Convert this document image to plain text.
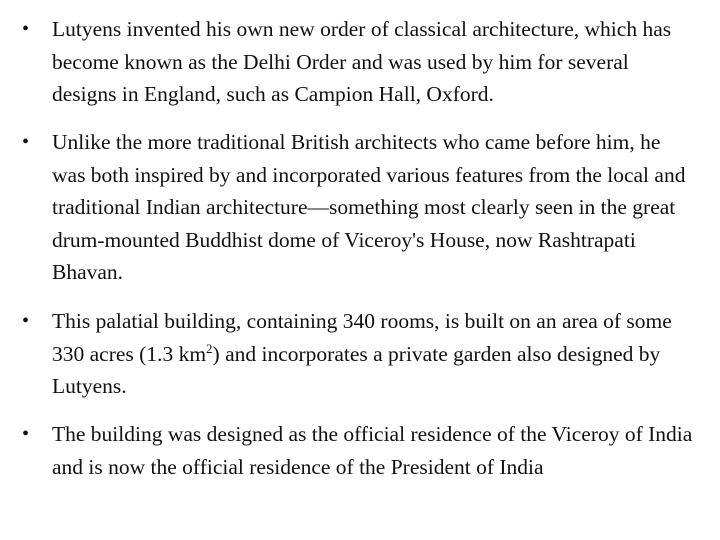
• Lutyens invented his own new order of classical architecture, which has become known as the Delhi Order and was used by him for several designs in England, such as Campion Hall, Oxford.
• Unlike the more traditional British architects who came before him, he was both inspired by and incorporated various features from the local and traditional Indian architecture—something most clearly seen in the great drum-mounted Buddhist dome of Viceroy's House, now Rashtrapati Bhavan.
• This palatial building, containing 340 rooms, is built on an area of some 330 acres (1.3 $km^2$) and incorporates a private garden also designed by Lutyens.
• The building was designed as the official residence of the Viceroy of India and is now the official residence of the President of India
